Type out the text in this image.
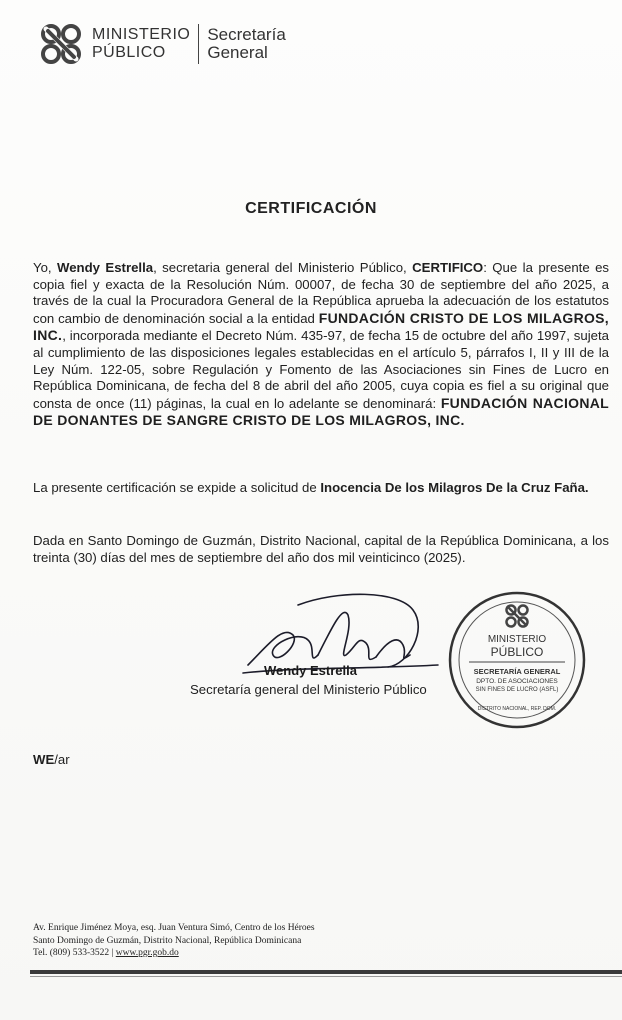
MINISTERIO
PÚBLICO
Secretaría
General
CERTIFICACIÓN
Yo, Wendy Estrella, secretaria general del Ministerio Público, CERTIFICO: Que la presente es copia fiel y exacta de la Resolución Núm. 00007, de fecha 30 de septiembre del año 2025, a través de la cual la Procuradora General de la República aprueba la adecuación de los estatutos con cambio de denominación social a la entidad FUNDACIÓN CRISTO DE LOS MILAGROS, INC., incorporada mediante el Decreto Núm. 435-97, de fecha 15 de octubre del año 1997, sujeta al cumplimiento de las disposiciones legales establecidas en el artículo 5, párrafos I, II y III de la Ley Núm. 122-05, sobre Regulación y Fomento de las Asociaciones sin Fines de Lucro en República Dominicana, de fecha del 8 de abril del año 2005, cuya copia es fiel a su original que consta de once (11) páginas, la cual en lo adelante se denominará: FUNDACIÓN NACIONAL DE DONANTES DE SANGRE CRISTO DE LOS MILAGROS, INC.
La presente certificación se expide a solicitud de Inocencia De los Milagros De la Cruz Faña.
Dada en Santo Domingo de Guzmán, Distrito Nacional, capital de la República Dominicana, a los treinta (30) días del mes de septiembre del año dos mil veinticinco (2025).
Wendy Estrella
Secretaría general del Ministerio Público
MINISTERIO
PÚBLICO
SECRETARÍA GENERAL
DPTO. DE ASOCIACIONES
SIN FINES DE LUCRO (ASFL)
DISTRITO NACIONAL, REP. DOM.
WE/ar
Av. Enrique Jiménez Moya, esq. Juan Ventura Simó, Centro de los Héroes
Santo Domingo de Guzmán, Distrito Nacional, República Dominicana
Tel. (809) 533-3522 | www.pgr.gob.do
